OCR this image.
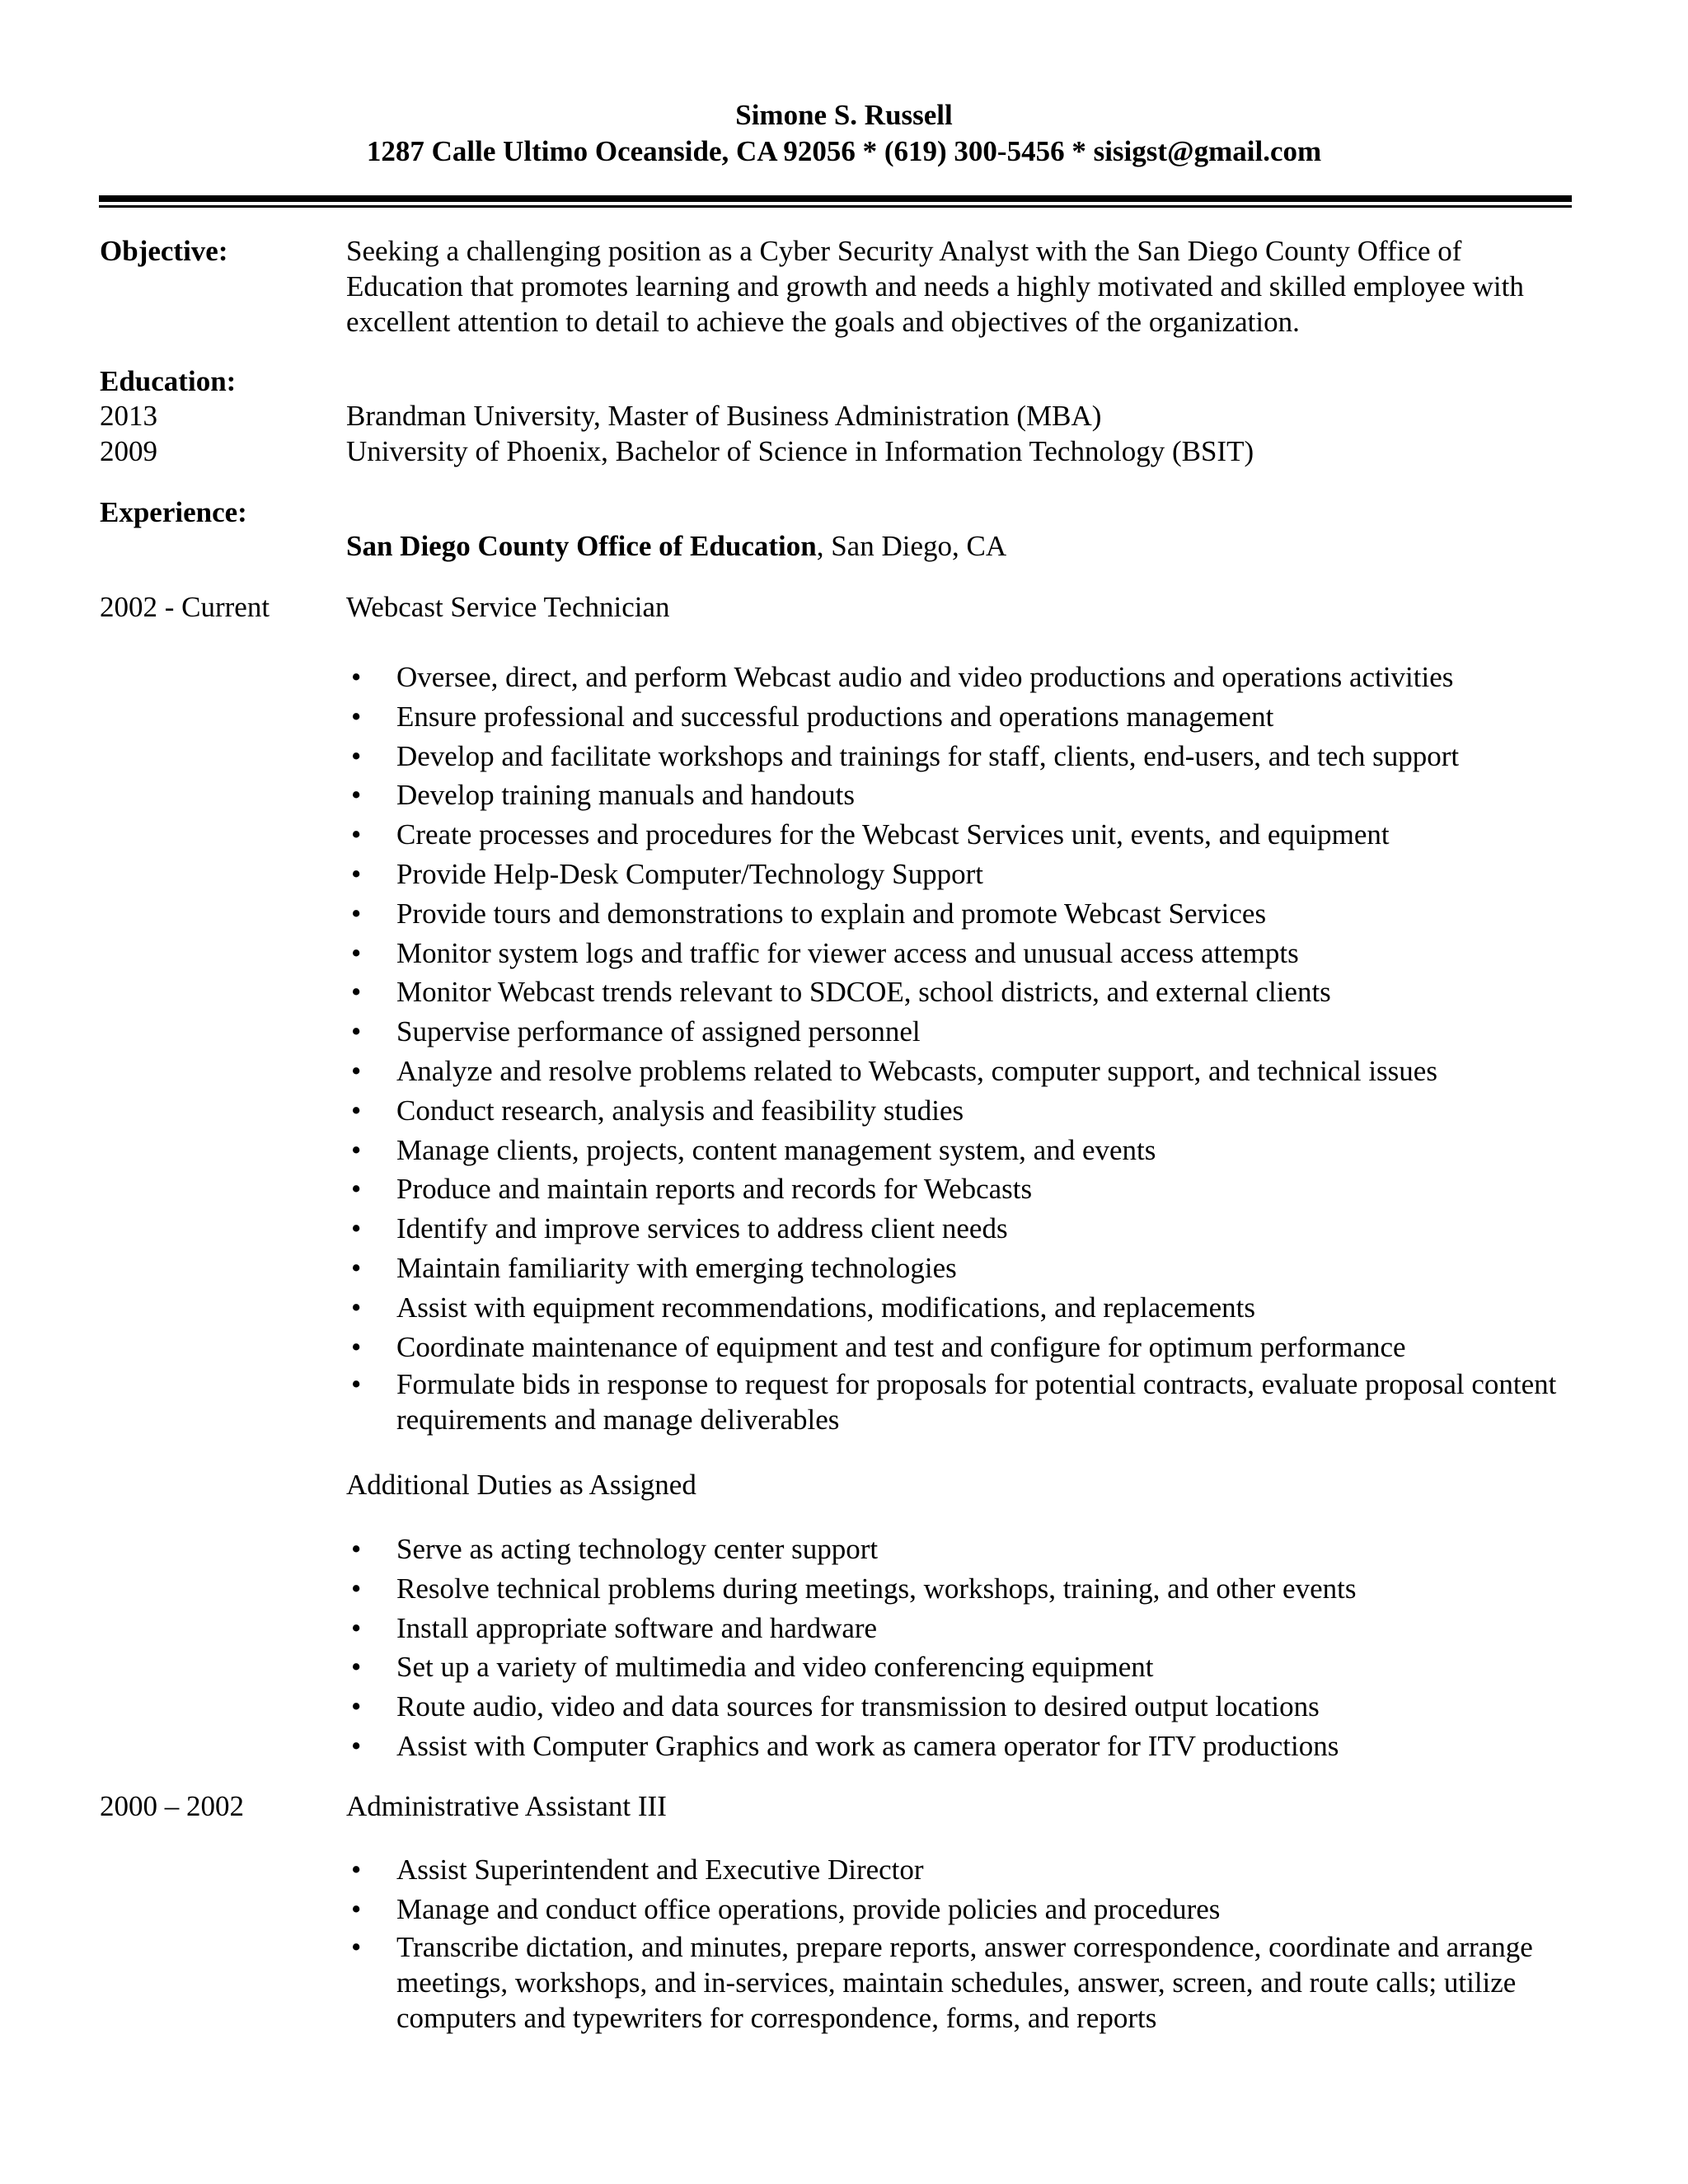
Simone S. Russell
1287 Calle Ultimo Oceanside, CA 92056 * (619) 300-5456 * sisigst@gmail.com
Objective:	Seeking a challenging position as a Cyber Security Analyst with the San Diego County Office of Education that promotes learning and growth and needs a highly motivated and skilled employee with excellent attention to detail to achieve the goals and objectives of the organization.
Education:
2013	Brandman University, Master of Business Administration (MBA)
2009	University of Phoenix, Bachelor of Science in Information Technology (BSIT)
Experience:
San Diego County Office of Education, San Diego, CA
2002 - Current	Webcast Service Technician
• Oversee, direct, and perform Webcast audio and video productions and operations activities
• Ensure professional and successful productions and operations management
• Develop and facilitate workshops and trainings for staff, clients, end-users, and tech support
• Develop training manuals and handouts
• Create processes and procedures for the Webcast Services unit, events, and equipment
• Provide Help-Desk Computer/Technology Support
• Provide tours and demonstrations to explain and promote Webcast Services
• Monitor system logs and traffic for viewer access and unusual access attempts
• Monitor Webcast trends relevant to SDCOE, school districts, and external clients
• Supervise performance of assigned personnel
• Analyze and resolve problems related to Webcasts, computer support, and technical issues
• Conduct research, analysis and feasibility studies
• Manage clients, projects, content management system, and events
• Produce and maintain reports and records for Webcasts
• Identify and improve services to address client needs
• Maintain familiarity with emerging technologies
• Assist with equipment recommendations, modifications, and replacements
• Coordinate maintenance of equipment and test and configure for optimum performance
• Formulate bids in response to request for proposals for potential contracts, evaluate proposal content requirements and manage deliverables
Additional Duties as Assigned
• Serve as acting technology center support
• Resolve technical problems during meetings, workshops, training, and other events
• Install appropriate software and hardware
• Set up a variety of multimedia and video conferencing equipment
• Route audio, video and data sources for transmission to desired output locations
• Assist with Computer Graphics and work as camera operator for ITV productions
2000 – 2002	Administrative Assistant III
• Assist Superintendent and Executive Director
• Manage and conduct office operations, provide policies and procedures
• Transcribe dictation, and minutes, prepare reports, answer correspondence, coordinate and arrange meetings, workshops, and in-services, maintain schedules, answer, screen, and route calls; utilize computers and typewriters for correspondence, forms, and reports
